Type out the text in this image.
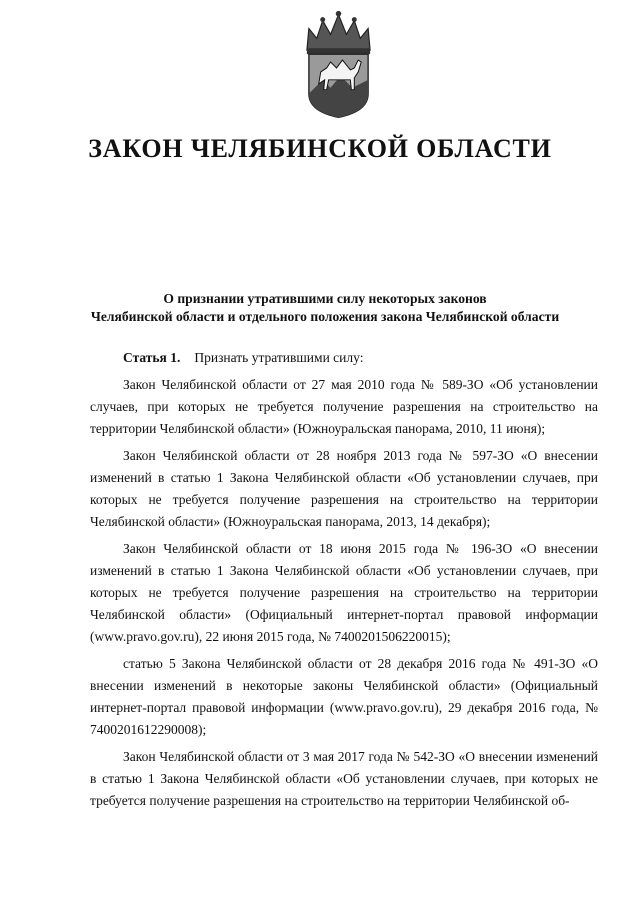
ЗАКОН ЧЕЛЯБИНСКОЙ ОБЛАСТИ
О признании утратившими силу некоторых законов
Челябинской области и отдельного положения закона Челябинской области

Статья 1. Признать утратившими силу:

Закон Челябинской области от 27 мая 2010 года № 589-ЗО «Об установлении случаев, при которых не требуется получение разрешения на строительство на территории Челябинской области» (Южноуральская панорама, 2010, 11 июня);

Закон Челябинской области от 28 ноября 2013 года № 597-ЗО «О внесении изменений в статью 1 Закона Челябинской области «Об установлении случаев, при которых не требуется получение разрешения на строительство на территории Челябинской области» (Южноуральская панорама, 2013, 14 декабря);

Закон Челябинской области от 18 июня 2015 года № 196-ЗО «О внесении изменений в статью 1 Закона Челябинской области «Об установлении случаев, при которых не требуется получение разрешения на строительство на территории Челябинской области» (Официальный интернет-портал правовой информации (www.pravo.gov.ru), 22 июня 2015 года, № 7400201506220015);

статью 5 Закона Челябинской области от 28 декабря 2016 года № 491-ЗО «О внесении изменений в некоторые законы Челябинской области» (Официальный интернет-портал правовой информации (www.pravo.gov.ru), 29 декабря 2016 года, № 7400201612290008);

Закон Челябинской области от 3 мая 2017 года № 542-ЗО «О внесении изменений в статью 1 Закона Челябинской области «Об установлении случаев, при которых не требуется получение разрешения на строительство на территории Челябинской об-
